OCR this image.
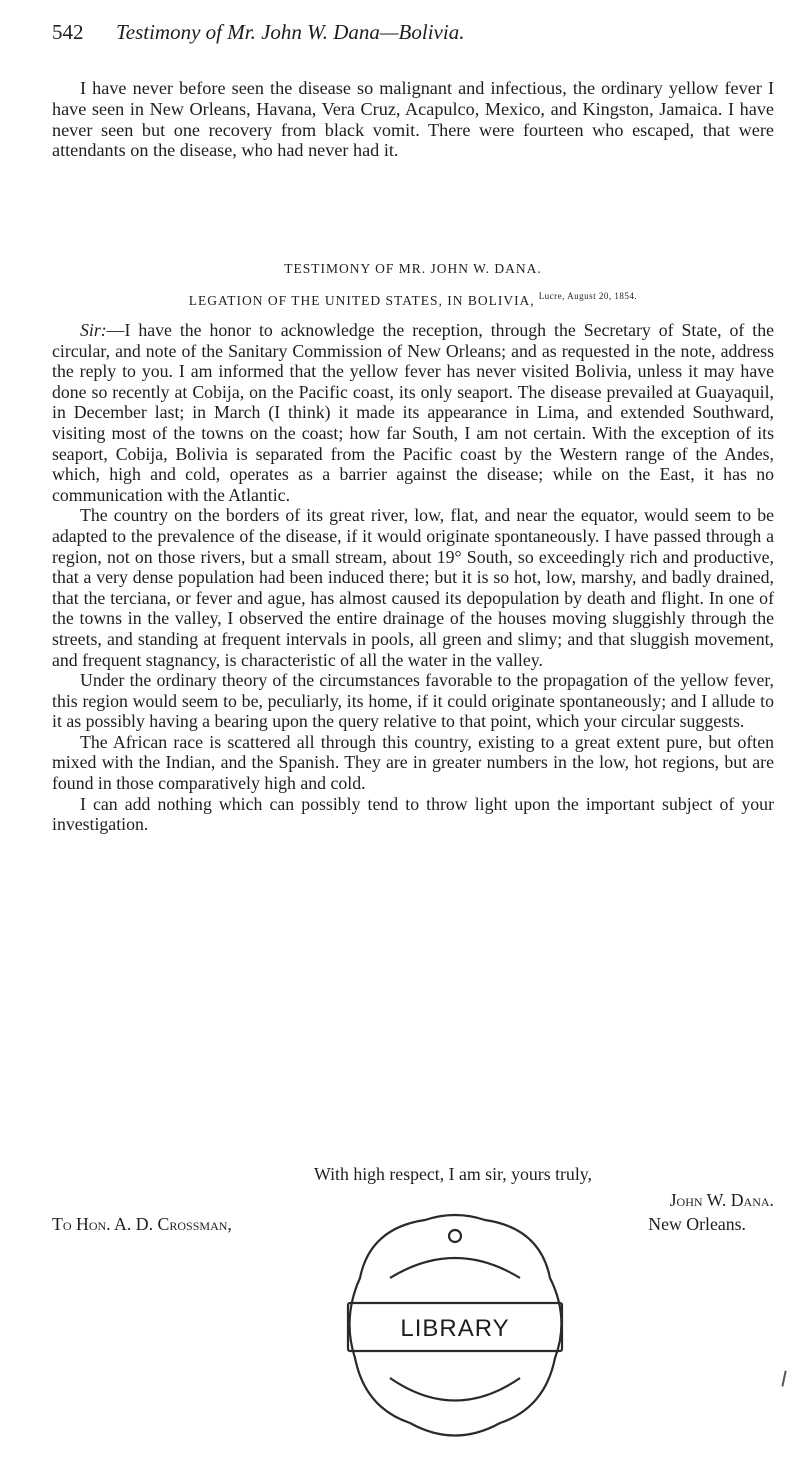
542 Testimony of Mr. John W. Dana—Bolivia.

I have never before seen the disease so malignant and infectious, the ordinary yellow fever I have seen in New Orleans, Havana, Vera Cruz, Acapulco, Mexico, and Kingston, Jamaica. I have never seen but one recovery from black vomit. There were fourteen who escaped, that were attendants on the disease, who had never had it.

TESTIMONY OF MR. JOHN W. DANA.

LEGATION OF THE UNITED STATES, IN BOLIVIA, $^{Lucre, August 20, 1854.}$

Sir:—I have the honor to acknowledge the reception, through the Secretary of State, of the circular, and note of the Sanitary Commission of New Orleans; and as requested in the note, address the reply to you. I am informed that the yellow fever has never visited Bolivia, unless it may have done so recently at Cobija, on the Pacific coast, its only seaport. The disease prevailed at Guayaquil, in December last; in March (I think) it made its appearance in Lima, and extended Southward, visiting most of the towns on the coast; how far South, I am not certain. With the exception of its seaport, Cobija, Bolivia is separated from the Pacific coast by the Western range of the Andes, which, high and cold, operates as a barrier against the disease; while on the East, it has no communication with the Atlantic.

The country on the borders of its great river, low, flat, and near the equator, would seem to be adapted to the prevalence of the disease, if it would originate spontaneously. I have passed through a region, not on those rivers, but a small stream, about 19° South, so exceedingly rich and productive, that a very dense population had been induced there; but it is so hot, low, marshy, and badly drained, that the terciana, or fever and ague, has almost caused its depopulation by death and flight. In one of the towns in the valley, I observed the entire drainage of the houses moving sluggishly through the streets, and standing at frequent intervals in pools, all green and slimy; and that sluggish movement, and frequent stagnancy, is characteristic of all the water in the valley.

Under the ordinary theory of the circumstances favorable to the propagation of the yellow fever, this region would seem to be, peculiarly, its home, if it could originate spontaneously; and I allude to it as possibly having a bearing upon the query relative to that point, which your circular suggests.

The African race is scattered all through this country, existing to a great extent pure, but often mixed with the Indian, and the Spanish. They are in greater numbers in the low, hot regions, but are found in those comparatively high and cold.

I can add nothing which can possibly tend to throw light upon the important subject of your investigation.

With high respect, I am sir, yours truly,

John W. Dana.

To Hon. A. D. Crossman,	New Orleans.

LIBRARY
